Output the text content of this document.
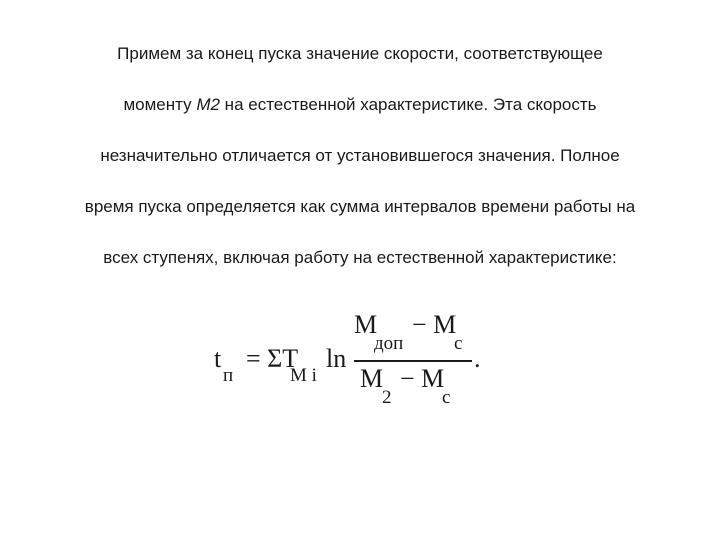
Примем за конец пуска значение скорости, соответствующее
моменту M2 на естественной характеристике. Эта скорость
незначительно отличается от установившегося значения. Полное
время пуска определяется как сумма интервалов времени работы на
всех ступенях, включая работу на естественной характеристике:
t
п
= ΣT
M i
ln
M
доп
− M
c
M
2
− M
c
.
